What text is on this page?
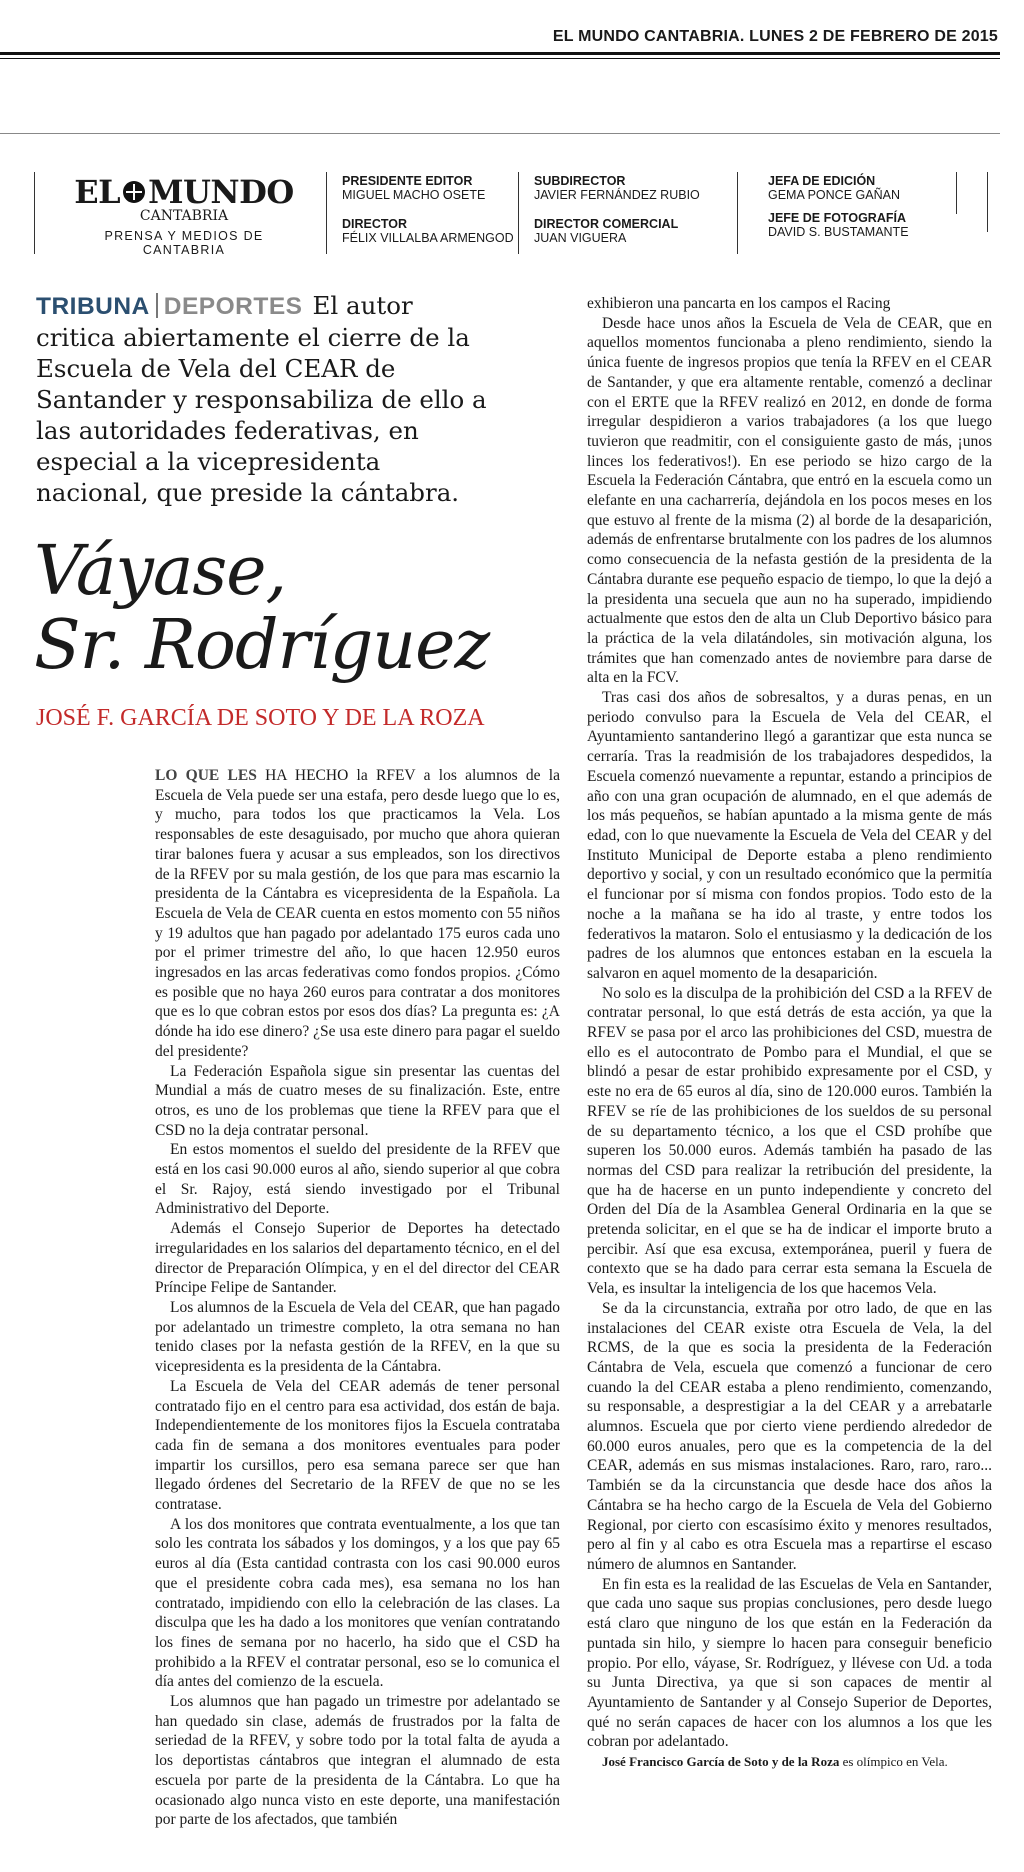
EL MUNDO CANTABRIA. LUNES 2 DE FEBRERO DE 2015
EL MUNDO
CANTABRIA
PRENSA Y MEDIOS DE CANTABRIA
PRESIDENTE EDITOR
MIGUEL MACHO OSETE
DIRECTOR
FÉLIX VILLALBA ARMENGOD
SUBDIRECTOR
JAVIER FERNÁNDEZ RUBIO
DIRECTOR COMERCIAL
JUAN VIGUERA
JEFA DE EDICIÓN
GEMA PONCE GAÑAN
JEFE DE FOTOGRAFÍA
DAVID S. BUSTAMANTE
TRIBUNA DEPORTES El autor critica abiertamente el cierre de la Escuela de Vela del CEAR de Santander y responsabiliza de ello a las autoridades federativas, en especial a la vicepresidenta nacional, que preside la cántabra.
Váyase,
Sr. Rodríguez
JOSÉ F. GARCÍA DE SOTO Y DE LA ROZA

LO QUE LES HA HECHO la RFEV a los alumnos de la Escuela de Vela puede ser una estafa, pero desde luego que lo es, y mucho, para todos los que practicamos la Vela. Los responsables de este desaguisado, por mucho que ahora quieran tirar balones fuera y acusar a sus empleados, son los directivos de la RFEV por su mala gestión, de los que para mas escarnio la presidenta de la Cántabra es vicepresidenta de la Española. La Escuela de Vela de CEAR cuenta en estos momento con 55 niños y 19 adultos que han pagado por adelantado 175 euros cada uno por el primer trimestre del año, lo que hacen 12.950 euros ingresados en las arcas federativas como fondos propios. ¿Cómo es posible que no haya 260 euros para contratar a dos monitores que es lo que cobran estos por esos dos días? La pregunta es: ¿A dónde ha ido ese dinero? ¿Se usa este dinero para pagar el sueldo del presidente?

La Federación Española sigue sin presentar las cuentas del Mundial a más de cuatro meses de su finalización. Este, entre otros, es uno de los problemas que tiene la RFEV para que el CSD no la deja contratar personal.

En estos momentos el sueldo del presidente de la RFEV que está en los casi 90.000 euros al año, siendo superior al que cobra el Sr. Rajoy, está siendo investigado por el Tribunal Administrativo del Deporte.

Además el Consejo Superior de Deportes ha detectado irregularidades en los salarios del departamento técnico, en el del director de Preparación Olímpica, y en el del director del CEAR Príncipe Felipe de Santander.

Los alumnos de la Escuela de Vela del CEAR, que han pagado por adelantado un trimestre completo, la otra semana no han tenido clases por la nefasta gestión de la RFEV, en la que su vicepresidenta es la presidenta de la Cántabra.

La Escuela de Vela del CEAR además de tener personal contratado fijo en el centro para esa actividad, dos están de baja. Independientemente de los monitores fijos la Escuela contrataba cada fin de semana a dos monitores eventuales para poder impartir los cursillos, pero esa semana parece ser que han llegado órdenes del Secretario de la RFEV de que no se les contratase.

A los dos monitores que contrata eventualmente, a los que tan solo les contrata los sábados y los domingos, y a los que pay 65 euros al día (Esta cantidad contrasta con los casi 90.000 euros que el presidente cobra cada mes), esa semana no los han contratado, impidiendo con ello la celebración de las clases. La disculpa que les ha dado a los monitores que venían contratando los fines de semana por no hacerlo, ha sido que el CSD ha prohibido a la RFEV el contratar personal, eso se lo comunica el día antes del comienzo de la escuela.

Los alumnos que han pagado un trimestre por adelantado se han quedado sin clase, además de frustrados por la falta de seriedad de la RFEV, y sobre todo por la total falta de ayuda a los deportistas cántabros que integran el alumnado de esta escuela por parte de la presidenta de la Cántabra. Lo que ha ocasionado algo nunca visto en este deporte, una manifestación por parte de los afectados, que también

exhibieron una pancarta en los campos el Racing

Desde hace unos años la Escuela de Vela de CEAR, que en aquellos momentos funcionaba a pleno rendimiento, siendo la única fuente de ingresos propios que tenía la RFEV en el CEAR de Santander, y que era altamente rentable, comenzó a declinar con el ERTE que la RFEV realizó en 2012, en donde de forma irregular despidieron a varios trabajadores (a los que luego tuvieron que readmitir, con el consiguiente gasto de más, ¡unos linces los federativos!). En ese periodo se hizo cargo de la Escuela la Federación Cántabra, que entró en la escuela como un elefante en una cacharrería, dejándola en los pocos meses en los que estuvo al frente de la misma (2) al borde de la desaparición, además de enfrentarse brutalmente con los padres de los alumnos como consecuencia de la nefasta gestión de la presidenta de la Cántabra durante ese pequeño espacio de tiempo, lo que la dejó a la presidenta una secuela que aun no ha superado, impidiendo actualmente que estos den de alta un Club Deportivo básico para la práctica de la vela dilatándoles, sin motivación alguna, los trámites que han comenzado antes de noviembre para darse de alta en la FCV.

Tras casi dos años de sobresaltos, y a duras penas, en un periodo convulso para la Escuela de Vela del CEAR, el Ayuntamiento santanderino llegó a garantizar que esta nunca se cerraría. Tras la readmisión de los trabajadores despedidos, la Escuela comenzó nuevamente a repuntar, estando a principios de año con una gran ocupación de alumnado, en el que además de los más pequeños, se habían apuntado a la misma gente de más edad, con lo que nuevamente la Escuela de Vela del CEAR y del Instituto Municipal de Deporte estaba a pleno rendimiento deportivo y social, y con un resultado económico que la permitía el funcionar por sí misma con fondos propios. Todo esto de la noche a la mañana se ha ido al traste, y entre todos los federativos la mataron. Solo el entusiasmo y la dedicación de los padres de los alumnos que entonces estaban en la escuela la salvaron en aquel momento de la desaparición.

No solo es la disculpa de la prohibición del CSD a la RFEV de contratar personal, lo que está detrás de esta acción, ya que la RFEV se pasa por el arco las prohibiciones del CSD, muestra de ello es el autocontrato de Pombo para el Mundial, el que se blindó a pesar de estar prohibido expresamente por el CSD, y este no era de 65 euros al día, sino de 120.000 euros. También la RFEV se ríe de las prohibiciones de los sueldos de su personal de su departamento técnico, a los que el CSD prohíbe que superen los 50.000 euros. Además también ha pasado de las normas del CSD para realizar la retribución del presidente, la que ha de hacerse en un punto independiente y concreto del Orden del Día de la Asamblea General Ordinaria en la que se pretenda solicitar, en el que se ha de indicar el importe bruto a percibir. Así que esa excusa, extemporánea, pueril y fuera de contexto que se ha dado para cerrar esta semana la Escuela de Vela, es insultar la inteligencia de los que hacemos Vela.

Se da la circunstancia, extraña por otro lado, de que en las instalaciones del CEAR existe otra Escuela de Vela, la del RCMS, de la que es socia la presidenta de la Federación Cántabra de Vela, escuela que comenzó a funcionar de cero cuando la del CEAR estaba a pleno rendimiento, comenzando, su responsable, a desprestigiar a la del CEAR y a arrebatarle alumnos. Escuela que por cierto viene perdiendo alrededor de 60.000 euros anuales, pero que es la competencia de la del CEAR, además en sus mismas instalaciones. Raro, raro, raro... También se da la circunstancia que desde hace dos años la Cántabra se ha hecho cargo de la Escuela de Vela del Gobierno Regional, por cierto con escasísimo éxito y menores resultados, pero al fin y al cabo es otra Escuela mas a repartirse el escaso número de alumnos en Santander.

En fin esta es la realidad de las Escuelas de Vela en Santander, que cada uno saque sus propias conclusiones, pero desde luego está claro que ninguno de los que están en la Federación da puntada sin hilo, y siempre lo hacen para conseguir beneficio propio. Por ello, váyase, Sr. Rodríguez, y llévese con Ud. a toda su Junta Directiva, ya que si son capaces de mentir al Ayuntamiento de Santander y al Consejo Superior de Deportes, qué no serán capaces de hacer con los alumnos a los que les cobran por adelantado.

José Francisco García de Soto y de la Roza es olímpico en Vela.
